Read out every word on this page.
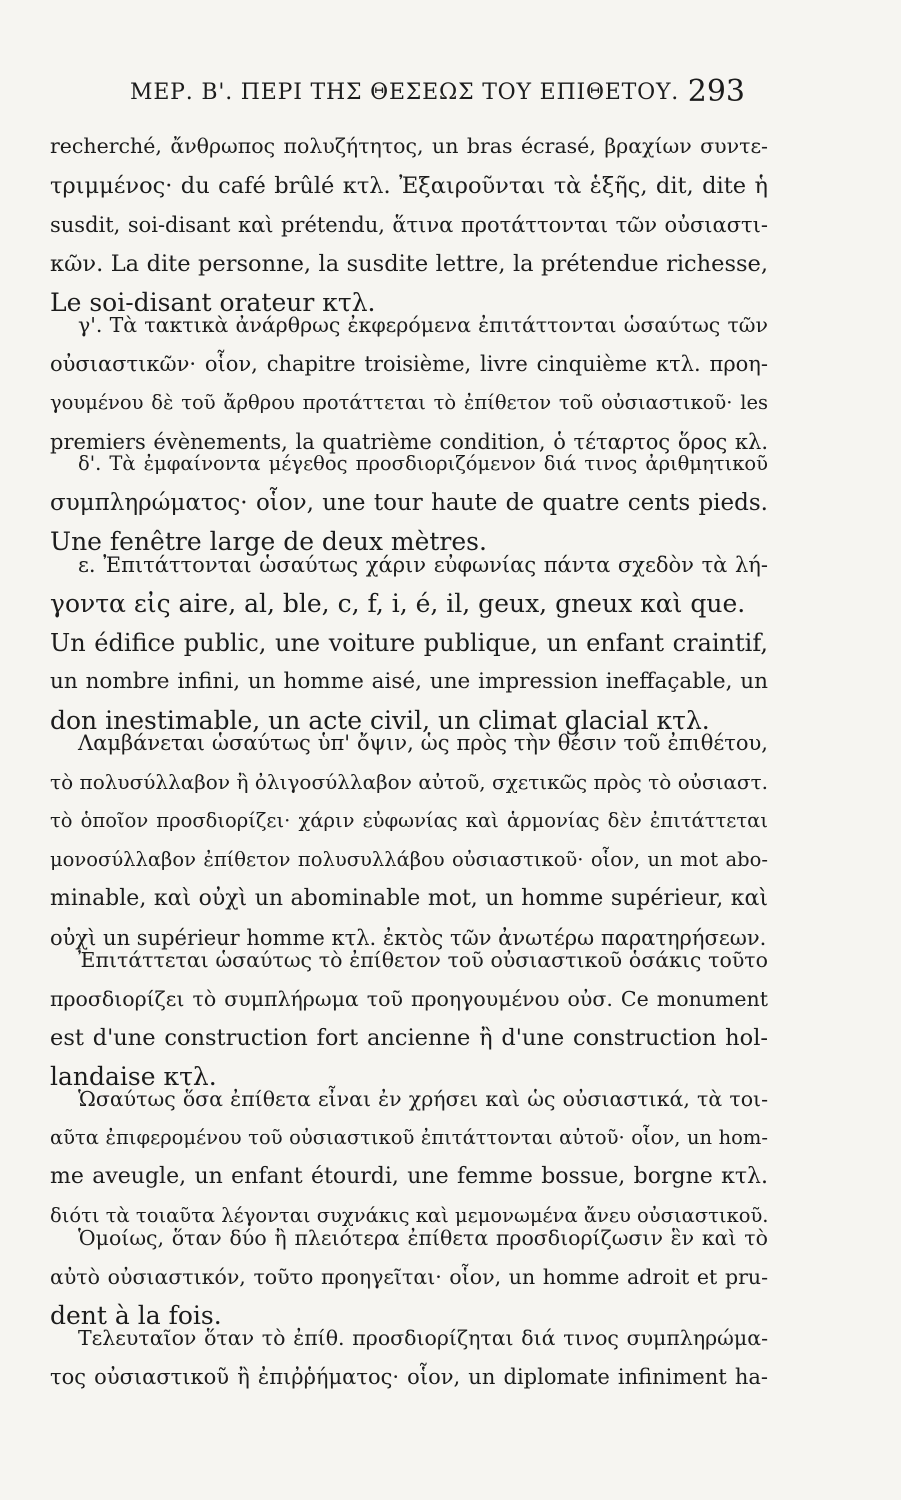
ΜΕΡ. Β'. ΠΕΡΙ ΤΗΣ ΘΕΣΕΩΣ ΤΟΥ ΕΠΙΘΕΤΟΥ. 293
recherché, ἄνθρωπος πολυζήτητος, un bras écrasé, βραχίων συντε-
τριμμένος· du café brûlé κτλ. Ἐξαιροῦνται τὰ ἑξῆς, dit, dite ἡ
susdit, soi-disant καὶ prétendu, ἅτινα προτάττονται τῶν οὐσιαστι-
κῶν. La dite personne, la susdite lettre, la prétendue richesse,
Le soi-disant orateur κτλ.
γ'. Τὰ τακτικὰ ἀνάρθρως ἐκφερόμενα ἐπιτάττονται ὡσαύτως τῶν
οὐσιαστικῶν· οἷον, chapitre troisième, livre cinquième κτλ. προη-
γουμένου δὲ τοῦ ἄρθρου προτάττεται τὸ ἐπίθετον τοῦ οὐσιαστικοῦ· les
premiers évènements, la quatrième condition, ὁ τέταρτος ὅρος κλ.
δ'. Τὰ ἐμφαίνοντα μέγεθος προσδιοριζόμενον διά τινος ἀριθμητικοῦ
συμπληρώματος· οἷον, une tour haute de quatre cents pieds.
Une fenêtre large de deux mètres.
ε. Ἐπιτάττονται ὡσαύτως χάριν εὐφωνίας πάντα σχεδὸν τὰ λή-
γοντα εἰς aire, al, ble, c, f, i, é, il, geux, gneux καὶ que.
Un édifice public, une voiture publique, un enfant craintif,
un nombre infini, un homme aisé, une impression ineffaçable, un
don inestimable, un acte civil, un climat glacial κτλ.
Λαμβάνεται ὡσαύτως ὑπ' ὄψιν, ὡς πρὸς τὴν θέσιν τοῦ ἐπιθέτου,
τὸ πολυσύλλαβον ἢ ὀλιγοσύλλαβον αὐτοῦ, σχετικῶς πρὸς τὸ οὐσιαστ.
τὸ ὁποῖον προσδιορίζει· χάριν εὐφωνίας καὶ ἁρμονίας δὲν ἐπιτάττεται
μονοσύλλαβον ἐπίθετον πολυσυλλάβου οὐσιαστικοῦ· οἷον, un mot abo-
minable, καὶ οὐχὶ un abominable mot, un homme supérieur, καὶ
οὐχὶ un supérieur homme κτλ. ἐκτὸς τῶν ἀνωτέρω παρατηρήσεων.
Ἐπιτάττεται ὡσαύτως τὸ ἐπίθετον τοῦ οὐσιαστικοῦ ὁσάκις τοῦτο
προσδιορίζει τὸ συμπλήρωμα τοῦ προηγουμένου οὐσ. Ce monument
est d'une construction fort ancienne ἢ d'une construction hol-
landaise κτλ.
Ὡσαύτως ὅσα ἐπίθετα εἶναι ἐν χρήσει καὶ ὡς οὐσιαστικά, τὰ τοι-
αῦτα ἐπιφερομένου τοῦ οὐσιαστικοῦ ἐπιτάττονται αὐτοῦ· οἷον, un hom-
me aveugle, un enfant étourdi, une femme bossue, borgne κτλ.
διότι τὰ τοιαῦτα λέγονται συχνάκις καὶ μεμονωμένα ἄνευ οὐσιαστικοῦ.
Ὁμοίως, ὅταν δύο ἢ πλειότερα ἐπίθετα προσδιορίζωσιν ἓν καὶ τὸ
αὐτὸ οὐσιαστικόν, τοῦτο προηγεῖται· οἷον, un homme adroit et pru-
dent à la fois.
Τελευταῖον ὅταν τὸ ἐπίθ. προσδιορίζηται διά τινος συμπληρώμα-
τος οὐσιαστικοῦ ἢ ἐπιῤῥήματος· οἷον, un diplomate infiniment ha-
